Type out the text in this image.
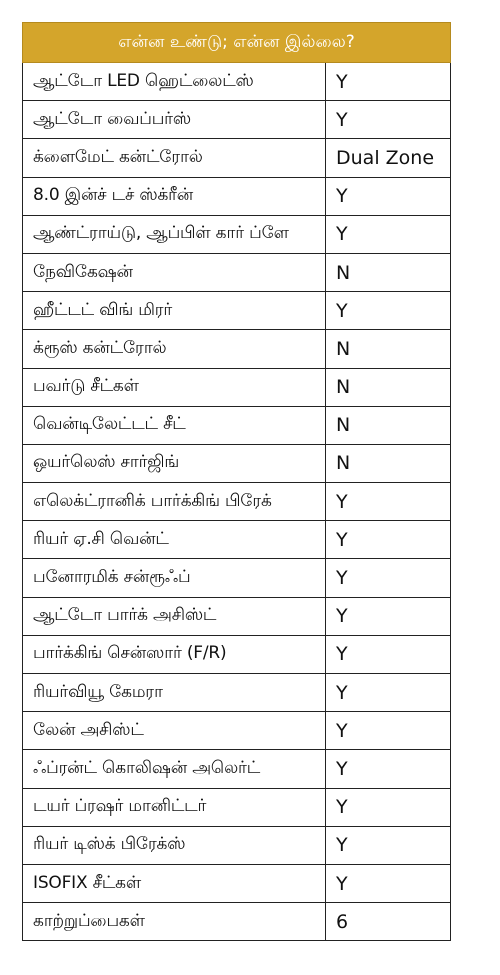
என்ன உண்டு; என்ன இல்லை?	
ஆட்டோ LED ஹெட்லைட்ஸ்	Y
ஆட்டோ வைப்பர்ஸ்	Y
க்ளைமேட் கன்ட்ரோல்	Dual Zone
8.0 இன்ச் டச் ஸ்க்ரீன்	Y
ஆண்ட்ராய்டு, ஆப்பிள் கார் ப்ளே	Y
நேவிகேஷன்	N
ஹீட்டட் விங் மிரர்	Y
க்ரூஸ் கன்ட்ரோல்	N
பவர்டு சீட்கள்	N
வென்டிலேட்டட் சீட்	N
ஒயர்லெஸ் சார்ஜிங்	N
எலெக்ட்ரானிக் பார்க்கிங் பிரேக்	Y
ரியர் ஏ.சி வென்ட்	Y
பனோரமிக் சன்ரூஃப்	Y
ஆட்டோ பார்க் அசிஸ்ட்	Y
பார்க்கிங் சென்ஸார் (F/R)	Y
ரியர்வியூ கேமரா	Y
லேன் அசிஸ்ட்	Y
ஃப்ரன்ட் கொலிஷன் அலெர்ட்	Y
டயர் ப்ரஷர் மானிட்டர்	Y
ரியர் டிஸ்க் பிரேக்ஸ்	Y
ISOFIX சீட்கள்	Y
காற்றுப்பைகள்	6
